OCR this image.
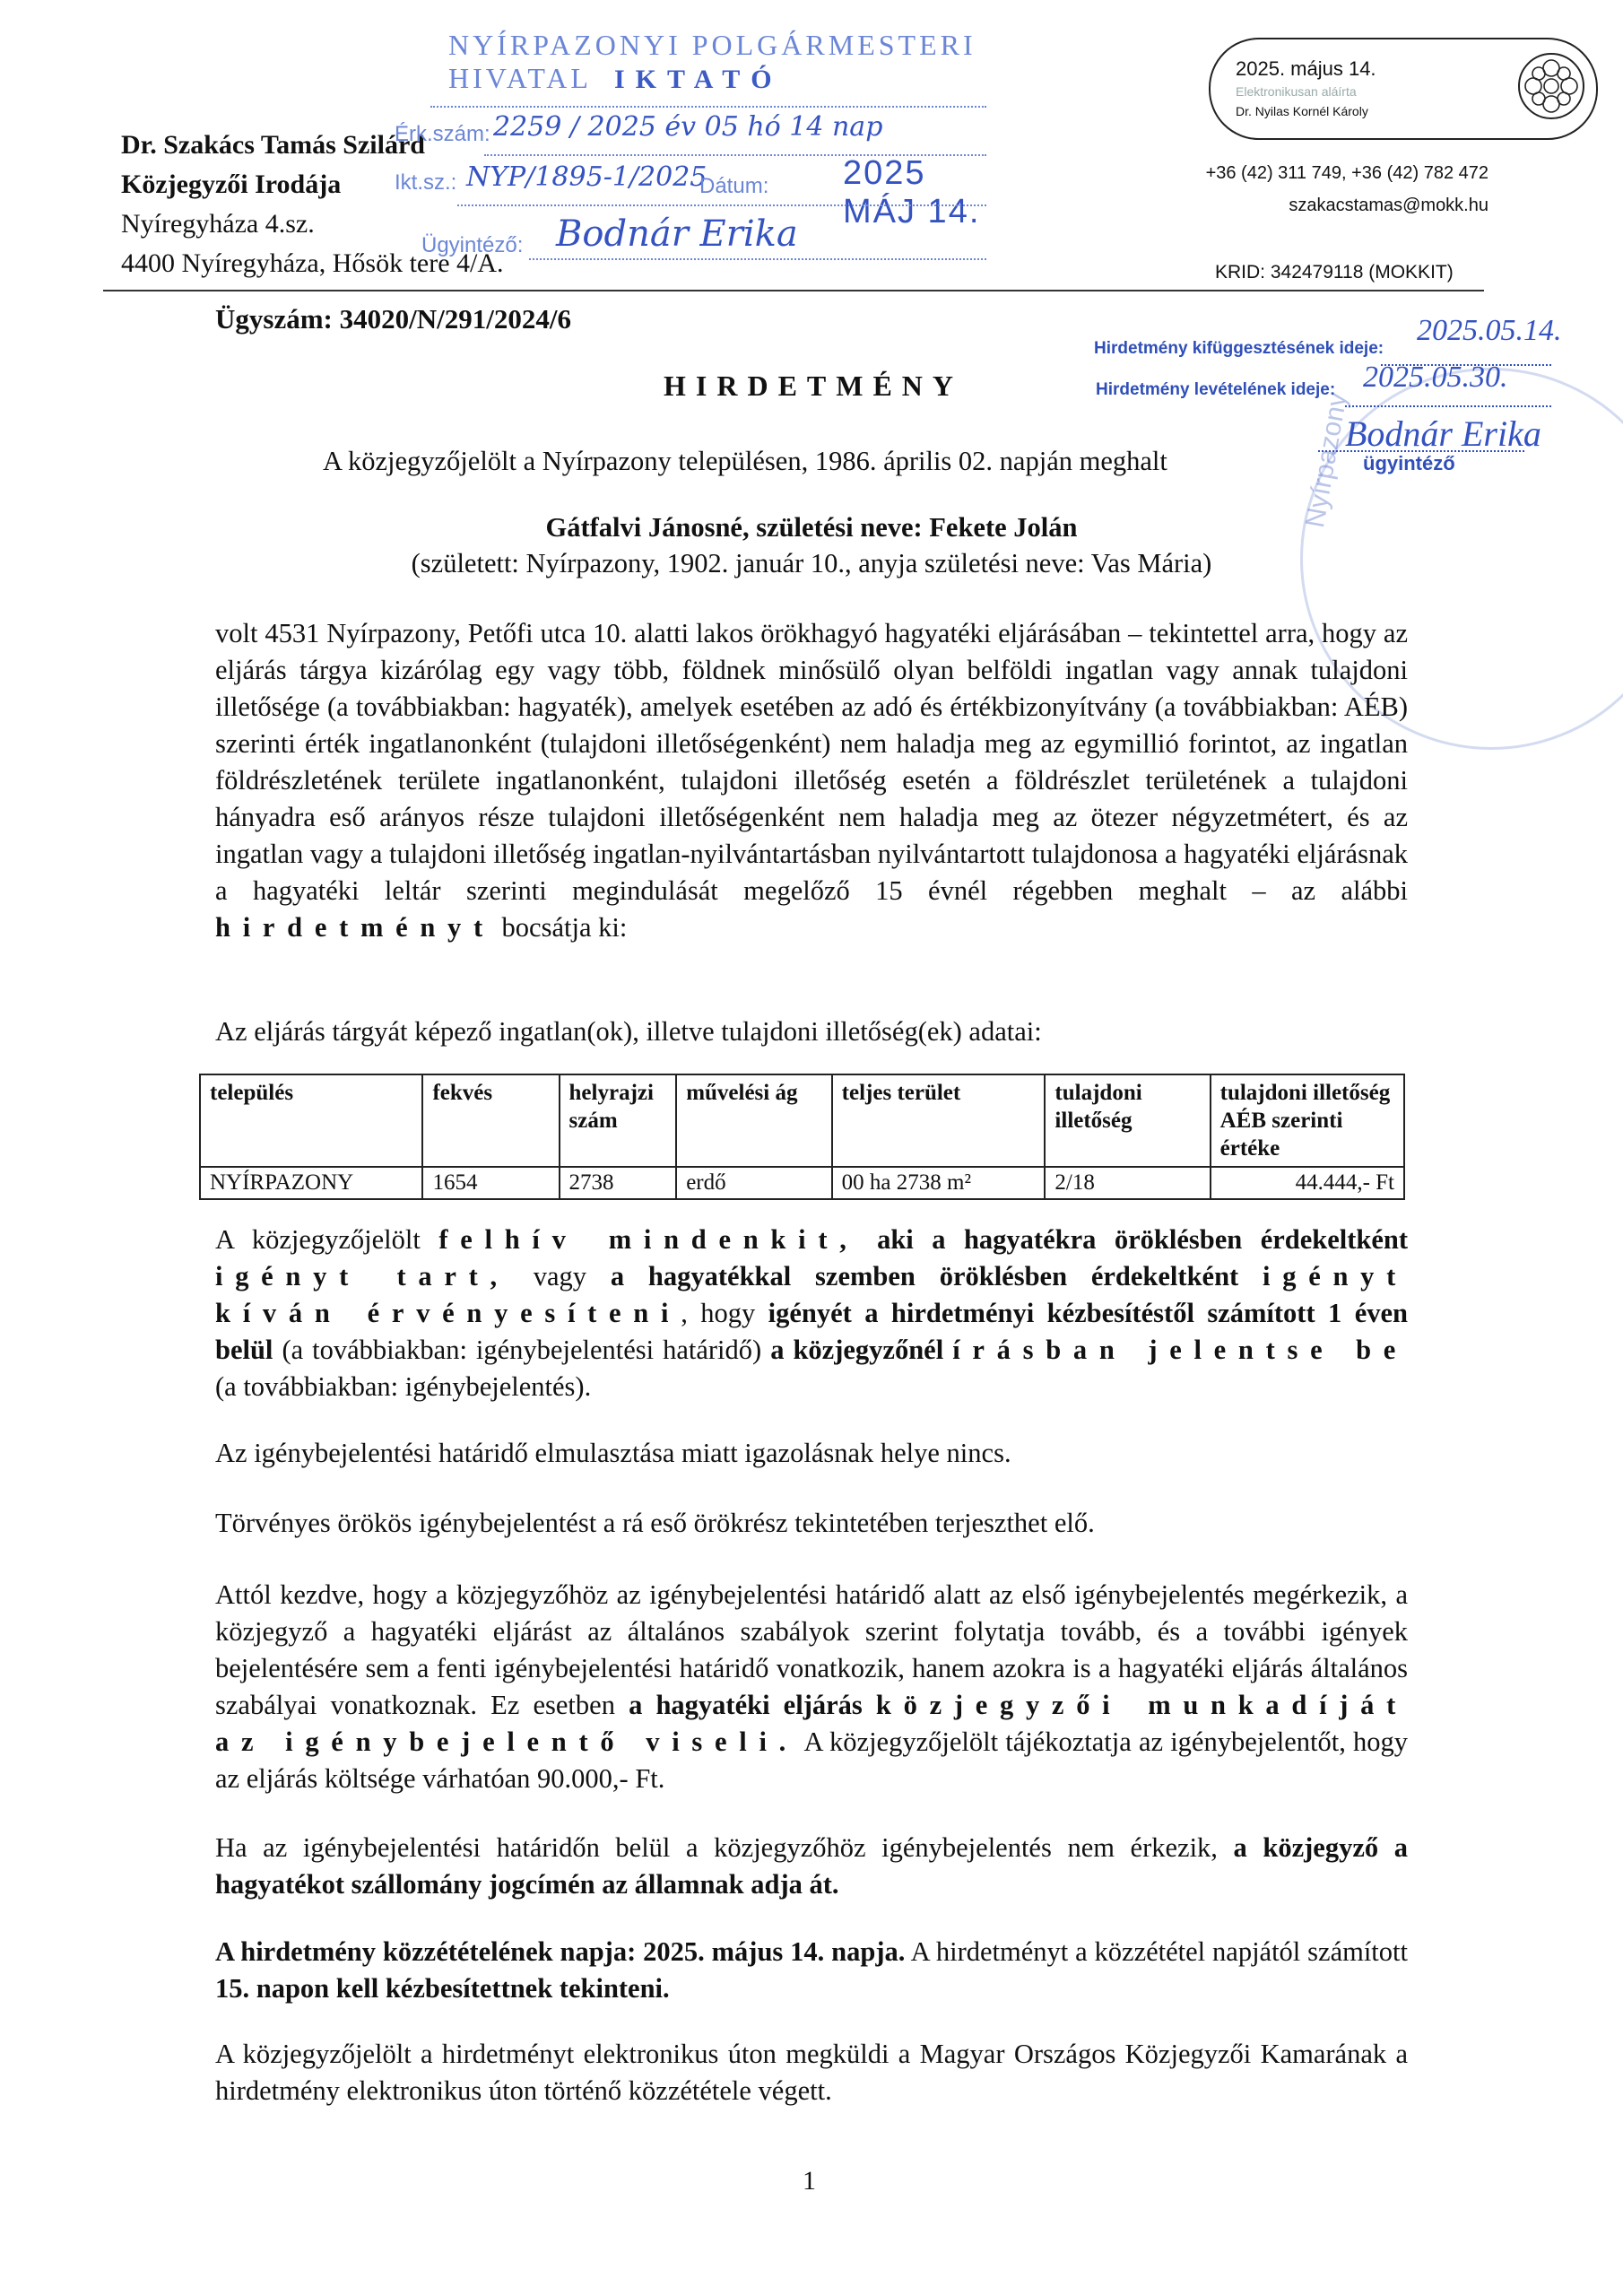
Dr. Szakács Tamás Szilárd
Közjegyzői Irodája
Nyíregyháza 4.sz.
4400 Nyíregyháza, Hősök tere 4/A.
NYÍRPAZONYI POLGÁRMESTERI HIVATAL IKTATÓ
Érk.szám: 2259 / 2025 év 05 hó 14 nap
Ikt.sz.: NYP/1895-1/2025
Dátum: 2025 MÁJ 14.
Ügyintéző: Bodnár Erika
2025. május 14.
Elektronikusan aláírta
Dr. Nyilas Kornél Károly
+36 (42) 311 749, +36 (42) 782 472
szakacstamas@mokk.hu
KRID: 342479118 (MOKKIT)
Ügyszám: 34020/N/291/2024/6
HIRDETMÉNY
Hirdetmény kifüggesztésének ideje:
2025.05.14.
Hirdetmény levételének ideje: 2025.05.30.
Bodnár Erika
ügyintéző
Nyírpazony
A közjegyzőjelölt a Nyírpazony településen, 1986. április 02. napján meghalt
Gátfalvi Jánosné, születési neve: Fekete Jolán
(született: Nyírpazony, 1902. január 10., anyja születési neve: Vas Mária)
volt 4531 Nyírpazony, Petőfi utca 10. alatti lakos örökhagyó hagyatéki eljárásában – tekintettel arra, hogy az eljárás tárgya kizárólag egy vagy több, földnek minősülő olyan belföldi ingatlan vagy annak tulajdoni illetősége (a továbbiakban: hagyaték), amelyek esetében az adó és értékbizonyítvány (a továbbiakban: AÉB) szerinti érték ingatlanonként (tulajdoni illetőségenként) nem haladja meg az egymillió forintot, az ingatlan földrészletének területe ingatlanonként, tulajdoni illetőség esetén a földrészlet területének a tulajdoni hányadra eső arányos része tulajdoni illetőségenként nem haladja meg az ötezer négyzetmétert, és az ingatlan vagy a tulajdoni illetőség ingatlan-nyilvántartásban nyilvántartott tulajdonosa a hagyatéki eljárásnak a hagyatéki leltár szerinti megindulását megelőző 15 évnél régebben meghalt – az alábbi hirdetményt bocsátja ki:
Az eljárás tárgyát képező ingatlan(ok), illetve tulajdoni illetőség(ek) adatai:
település	fekvés	helyrajzi szám	művelési ág	teljes terület	tulajdoni illetőség	tulajdoni illetőség AÉB szerinti értéke
NYÍRPAZONY	1654	2738	erdő	00 ha 2738 m²	2/18	44.444,- Ft
A közjegyzőjelölt felhív mindenkit, aki a hagyatékra öröklésben érdekeltként igényt tart, vagy a hagyatékkal szemben öröklésben érdekeltként igényt kíván érvényesíteni, hogy igényét a hirdetményi kézbesítéstől számított 1 éven belül (a továbbiakban: igénybejelentési határidő) a közjegyzőnél írásban jelentse be (a továbbiakban: igénybejelentés).
Az igénybejelentési határidő elmulasztása miatt igazolásnak helye nincs.
Törvényes örökös igénybejelentést a rá eső örökrész tekintetében terjeszthet elő.
Attól kezdve, hogy a közjegyzőhöz az igénybejelentési határidő alatt az első igénybejelentés megérkezik, a közjegyző a hagyatéki eljárást az általános szabályok szerint folytatja tovább, és a további igények bejelentésére sem a fenti igénybejelentési határidő vonatkozik, hanem azokra is a hagyatéki eljárás általános szabályai vonatkoznak. Ez esetben a hagyatéki eljárás közjegyzői munkadíját az igénybejelentő viseli. A közjegyzőjelölt tájékoztatja az igénybejelentőt, hogy az eljárás költsége várhatóan 90.000,- Ft.
Ha az igénybejelentési határidőn belül a közjegyzőhöz igénybejelentés nem érkezik, a közjegyző a hagyatékot szállomány jogcímén az államnak adja át.
A hirdetmény közzétételének napja: 2025. május 14. napja. A hirdetményt a közzététel napjától számított 15. napon kell kézbesítettnek tekinteni.
A közjegyzőjelölt a hirdetményt elektronikus úton megküldi a Magyar Országos Közjegyzői Kamarának a hirdetmény elektronikus úton történő közzététele végett.
1
